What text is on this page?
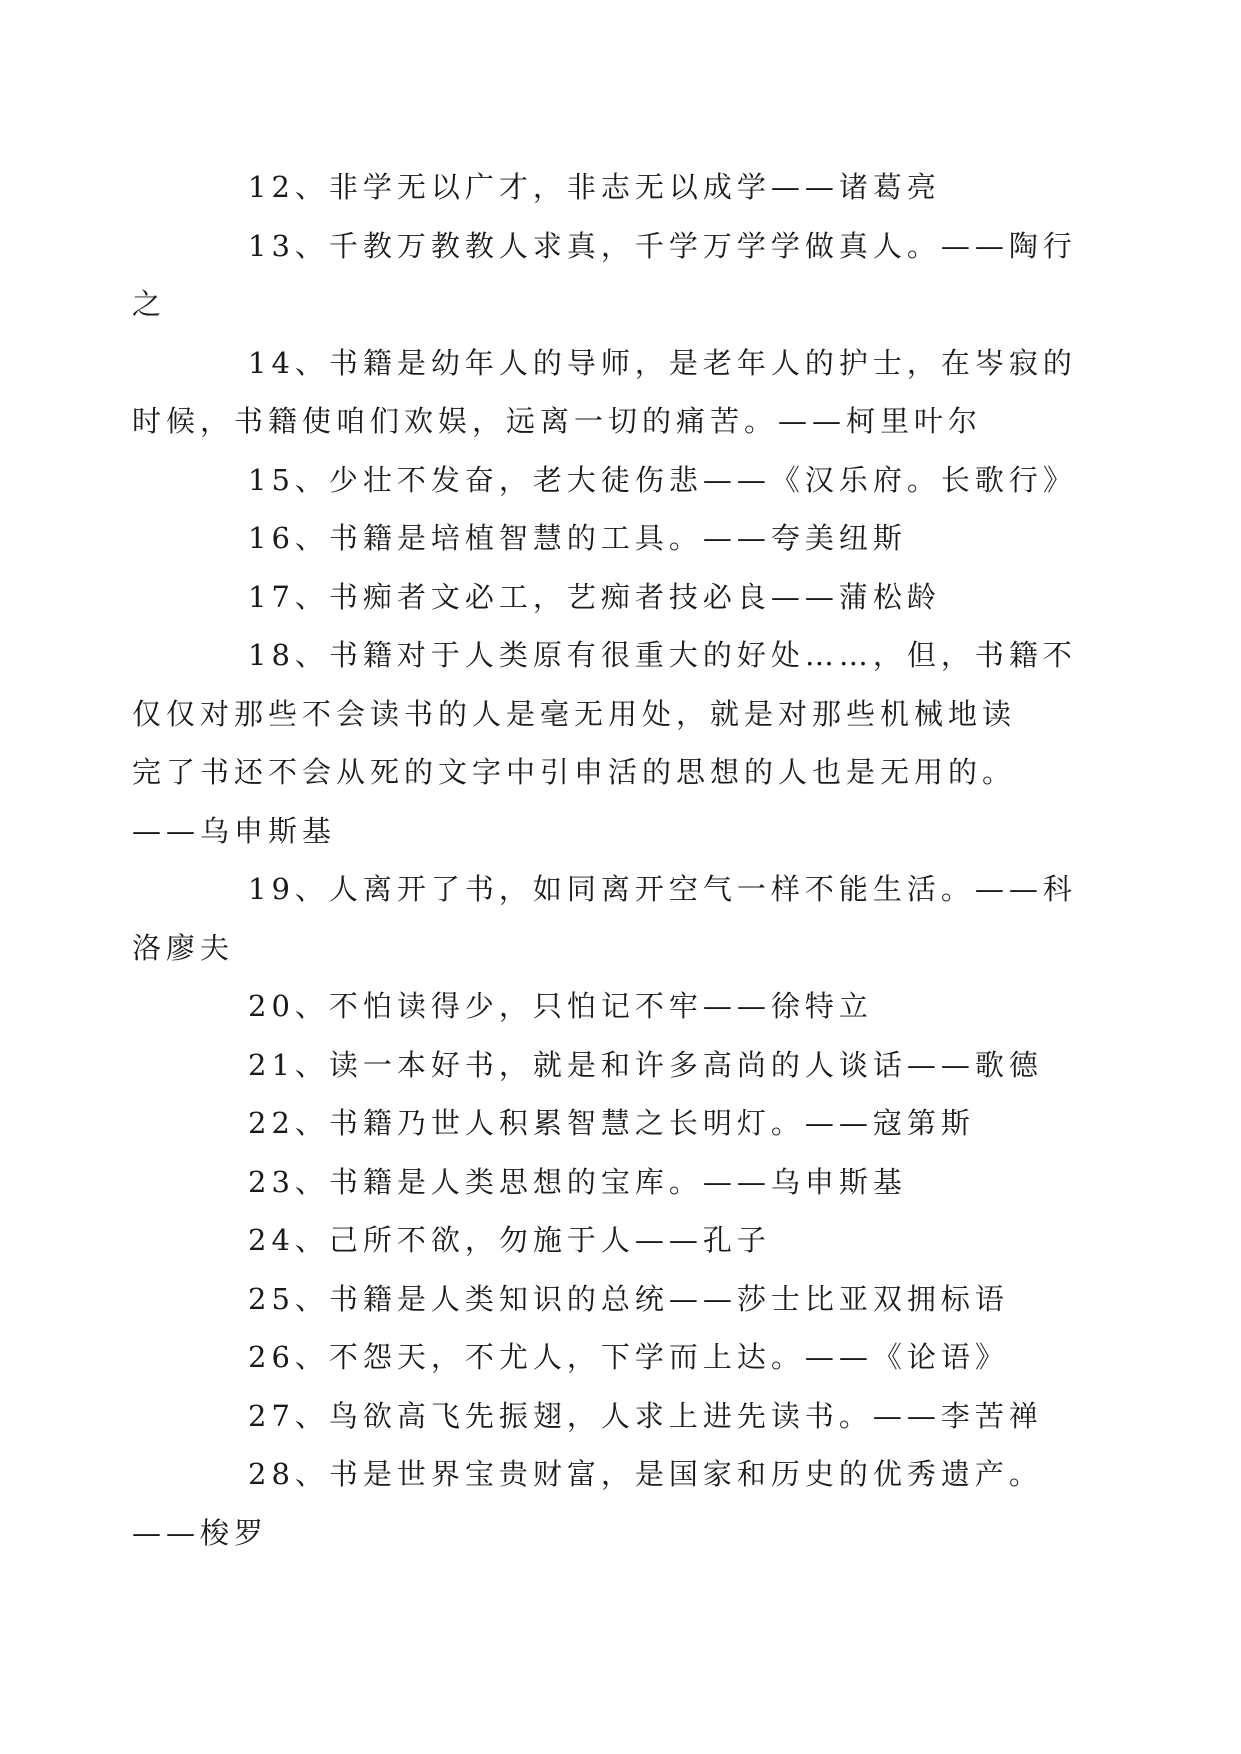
12、非学无以广才，非志无以成学——诸葛亮

13、千教万教教人求真，千学万学学做真人。——陶行
之

14、书籍是幼年人的导师，是老年人的护士，在岑寂的
时候，书籍使咱们欢娱，远离一切的痛苦。——柯里叶尔

15、少壮不发奋，老大徒伤悲——《汉乐府。长歌行》

16、书籍是培植智慧的工具。——夸美纽斯

17、书痴者文必工，艺痴者技必良——蒲松龄

18、书籍对于人类原有很重大的好处……，但，书籍不
仅仅对那些不会读书的人是毫无用处，就是对那些机械地读
完了书还不会从死的文字中引申活的思想的人也是无用的。
——乌申斯基

19、人离开了书，如同离开空气一样不能生活。——科
洛廖夫

20、不怕读得少，只怕记不牢——徐特立

21、读一本好书，就是和许多高尚的人谈话——歌德

22、书籍乃世人积累智慧之长明灯。——寇第斯

23、书籍是人类思想的宝库。——乌申斯基

24、己所不欲，勿施于人——孔子

25、书籍是人类知识的总统——莎士比亚双拥标语

26、不怨天，不尤人，下学而上达。——《论语》

27、鸟欲高飞先振翅，人求上进先读书。——李苦禅

28、书是世界宝贵财富，是国家和历史的优秀遗产。
——梭罗
